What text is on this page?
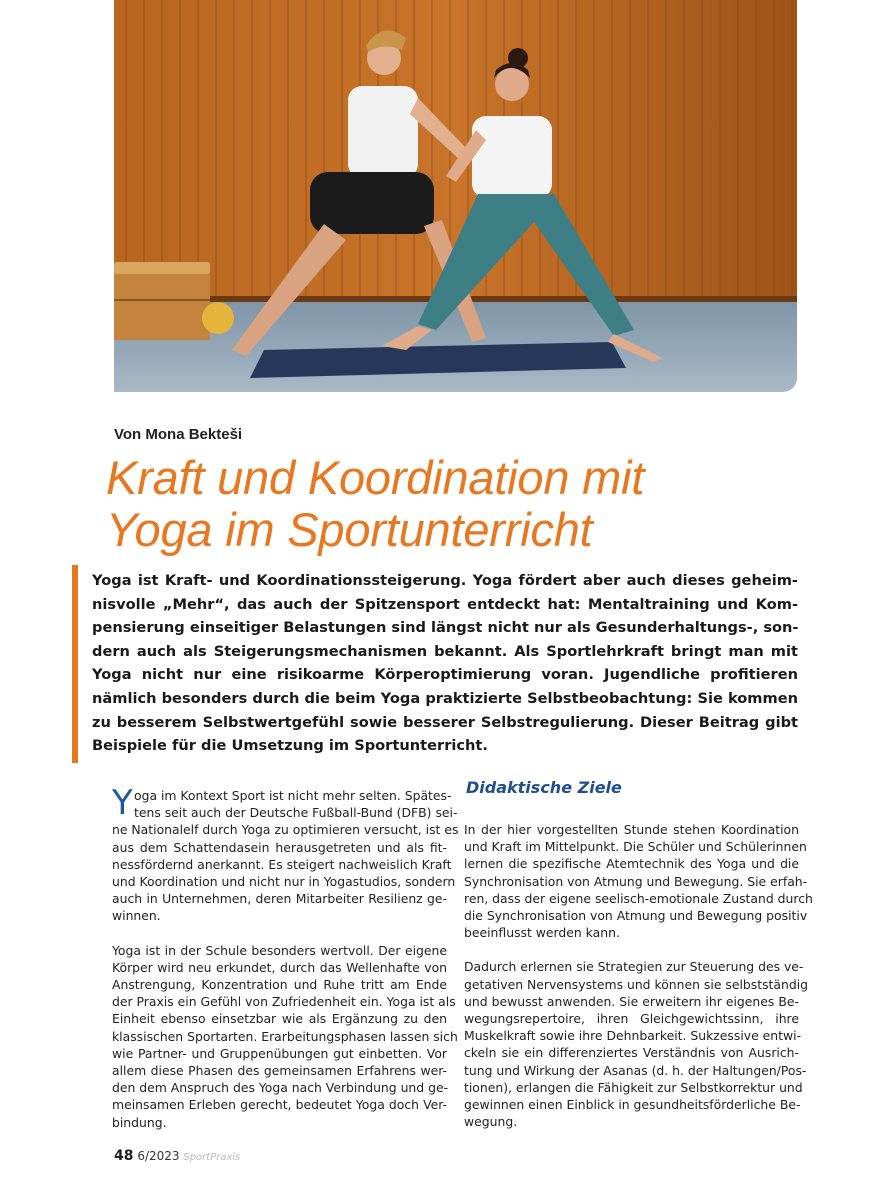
Von Mona Bekteši
Kraft und Koordination mit
Yoga im Sportunterricht
Yoga ist Kraft- und Koordinationssteigerung. Yoga fördert aber auch dieses geheim-
nisvolle „Mehr“, das auch der Spitzensport entdeckt hat: Mentaltraining und Kom-
pensierung einseitiger Belastungen sind längst nicht nur als Gesunderhaltungs-, son-
dern auch als Steigerungsmechanismen bekannt. Als Sportlehrkraft bringt man mit
Yoga nicht nur eine risikoarme Körperoptimierung voran. Jugendliche profitieren
nämlich besonders durch die beim Yoga praktizierte Selbstbeobachtung: Sie kommen
zu besserem Selbstwertgefühl sowie besserer Selbstregulierung. Dieser Beitrag gibt
Beispiele für die Umsetzung im Sportunterricht.
Y oga im Kontext Sport ist nicht mehr selten. Spätes-
tens seit auch der Deutsche Fußball-Bund (DFB) sei-
ne Nationalelf durch Yoga zu optimieren versucht, ist es
aus dem Schattendasein herausgetreten und als fit-
nessfördernd anerkannt. Es steigert nachweislich Kraft
und Koordination und nicht nur in Yogastudios, sondern
auch in Unternehmen, deren Mitarbeiter Resilienz ge-
winnen.
Yoga ist in der Schule besonders wertvoll. Der eigene
Körper wird neu erkundet, durch das Wellenhafte von
Anstrengung, Konzentration und Ruhe tritt am Ende
der Praxis ein Gefühl von Zufriedenheit ein. Yoga ist als
Einheit ebenso einsetzbar wie als Ergänzung zu den
klassischen Sportarten. Erarbeitungsphasen lassen sich
wie Partner- und Gruppenübungen gut einbetten. Vor
allem diese Phasen des gemeinsamen Erfahrens wer-
den dem Anspruch des Yoga nach Verbindung und ge-
meinsamen Erleben gerecht, bedeutet Yoga doch Ver-
bindung.
Didaktische Ziele
In der hier vorgestellten Stunde stehen Koordination
und Kraft im Mittelpunkt. Die Schüler und Schülerinnen
lernen die spezifische Atemtechnik des Yoga und die
Synchronisation von Atmung und Bewegung. Sie erfah-
ren, dass der eigene seelisch-emotionale Zustand durch
die Synchronisation von Atmung und Bewegung positiv
beeinflusst werden kann.
Dadurch erlernen sie Strategien zur Steuerung des ve-
getativen Nervensystems und können sie selbstständig
und bewusst anwenden. Sie erweitern ihr eigenes Be-
wegungsrepertoire, ihren Gleichgewichtssinn, ihre
Muskelkraft sowie ihre Dehnbarkeit. Sukzessive entwi-
ckeln sie ein differenziertes Verständnis von Ausrich-
tung und Wirkung der Asanas (d. h. der Haltungen/Pos-
tionen), erlangen die Fähigkeit zur Selbstkorrektur und
gewinnen einen Einblick in gesundheitsförderliche Be-
wegung.
48 6/2023 SportPraxis
